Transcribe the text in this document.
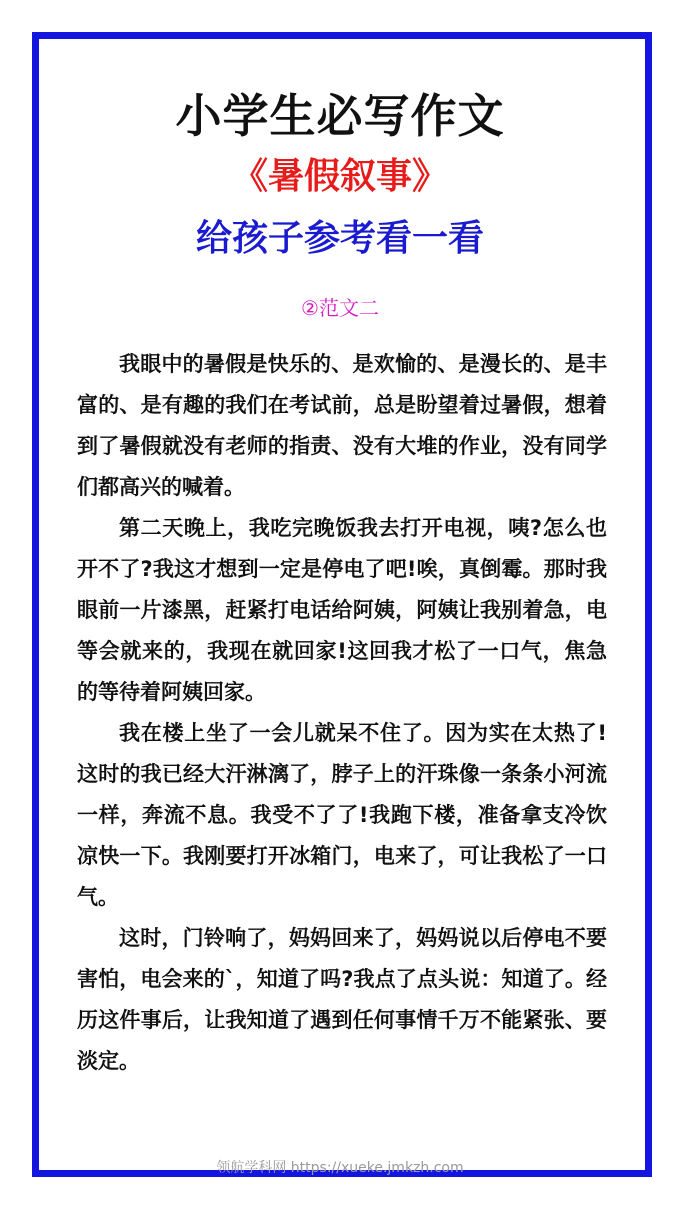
小学生必写作文
《暑假叙事》
给孩子参考看一看
②范文二

我眼中的暑假是快乐的、是欢愉的、是漫长的、是丰富的、是有趣的我们在考试前，总是盼望着过暑假，想着到了暑假就没有老师的指责、没有大堆的作业，没有同学们都高兴的喊着。

第二天晚上，我吃完晚饭我去打开电视，咦?怎么也开不了?我这才想到一定是停电了吧!唉，真倒霉。那时我眼前一片漆黑，赶紧打电话给阿姨，阿姨让我别着急，电等会就来的，我现在就回家!这回我才松了一口气，焦急的等待着阿姨回家。

我在楼上坐了一会儿就呆不住了。因为实在太热了!这时的我已经大汗淋漓了，脖子上的汗珠像一条条小河流一样，奔流不息。我受不了了!我跑下楼，准备拿支冷饮凉快一下。我刚要打开冰箱门，电来了，可让我松了一口气。

这时，门铃响了，妈妈回来了，妈妈说以后停电不要害怕，电会来的`，知道了吗?我点了点头说：知道了。经历这件事后，让我知道了遇到任何事情千万不能紧张、要淡定。

领航学科网 https://xueke.jmkzh.com
